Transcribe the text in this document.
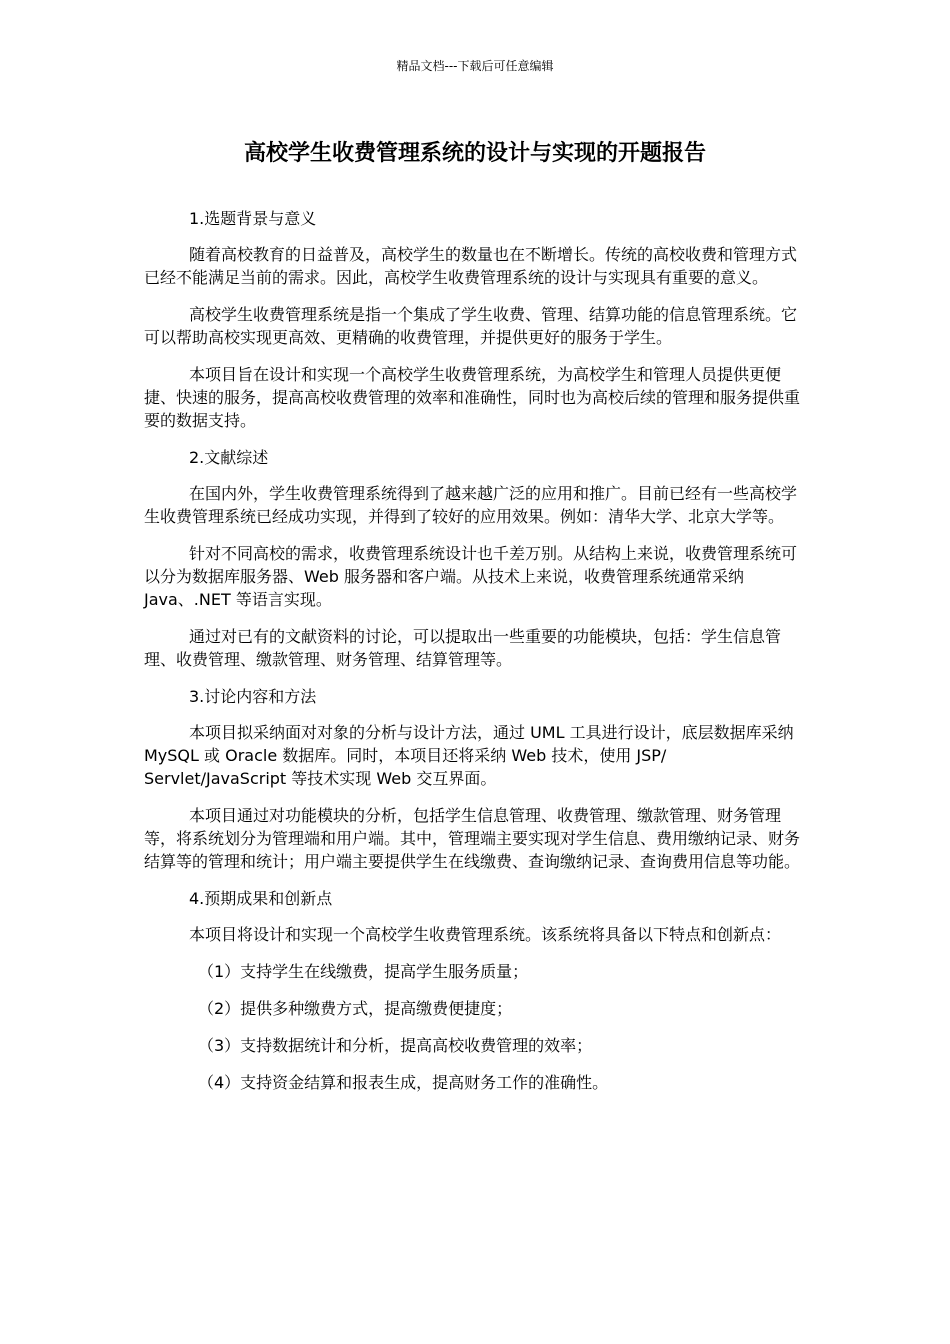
精品文档---下载后可任意编辑
高校学生收费管理系统的设计与实现的开题报告

1.选题背景与意义

随着高校教育的日益普及，高校学生的数量也在不断增长。传统的高校收费和管理方式已经不能满足当前的需求。因此，高校学生收费管理系统的设计与实现具有重要的意义。

高校学生收费管理系统是指一个集成了学生收费、管理、结算功能的信息管理系统。它可以帮助高校实现更高效、更精确的收费管理，并提供更好的服务于学生。

本项目旨在设计和实现一个高校学生收费管理系统，为高校学生和管理人员提供更便捷、快速的服务，提高高校收费管理的效率和准确性，同时也为高校后续的管理和服务提供重要的数据支持。

2.文献综述

在国内外，学生收费管理系统得到了越来越广泛的应用和推广。目前已经有一些高校学生收费管理系统已经成功实现，并得到了较好的应用效果。例如：清华大学、北京大学等。

针对不同高校的需求，收费管理系统设计也千差万别。从结构上来说，收费管理系统可以分为数据库服务器、Web 服务器和客户端。从技术上来说，收费管理系统通常采纳 Java、.NET 等语言实现。

通过对已有的文献资料的讨论，可以提取出一些重要的功能模块，包括：学生信息管理、收费管理、缴款管理、财务管理、结算管理等。

3.讨论内容和方法

本项目拟采纳面对对象的分析与设计方法，通过 UML 工具进行设计，底层数据库采纳 MySQL 或 Oracle 数据库。同时，本项目还将采纳 Web 技术，使用 JSP/ Servlet/JavaScript 等技术实现 Web 交互界面。

本项目通过对功能模块的分析，包括学生信息管理、收费管理、缴款管理、财务管理等，将系统划分为管理端和用户端。其中，管理端主要实现对学生信息、费用缴纳记录、财务结算等的管理和统计；用户端主要提供学生在线缴费、查询缴纳记录、查询费用信息等功能。

4.预期成果和创新点

本项目将设计和实现一个高校学生收费管理系统。该系统将具备以下特点和创新点：

（1）支持学生在线缴费，提高学生服务质量；

（2）提供多种缴费方式，提高缴费便捷度；

（3）支持数据统计和分析，提高高校收费管理的效率；

（4）支持资金结算和报表生成，提高财务工作的准确性。
